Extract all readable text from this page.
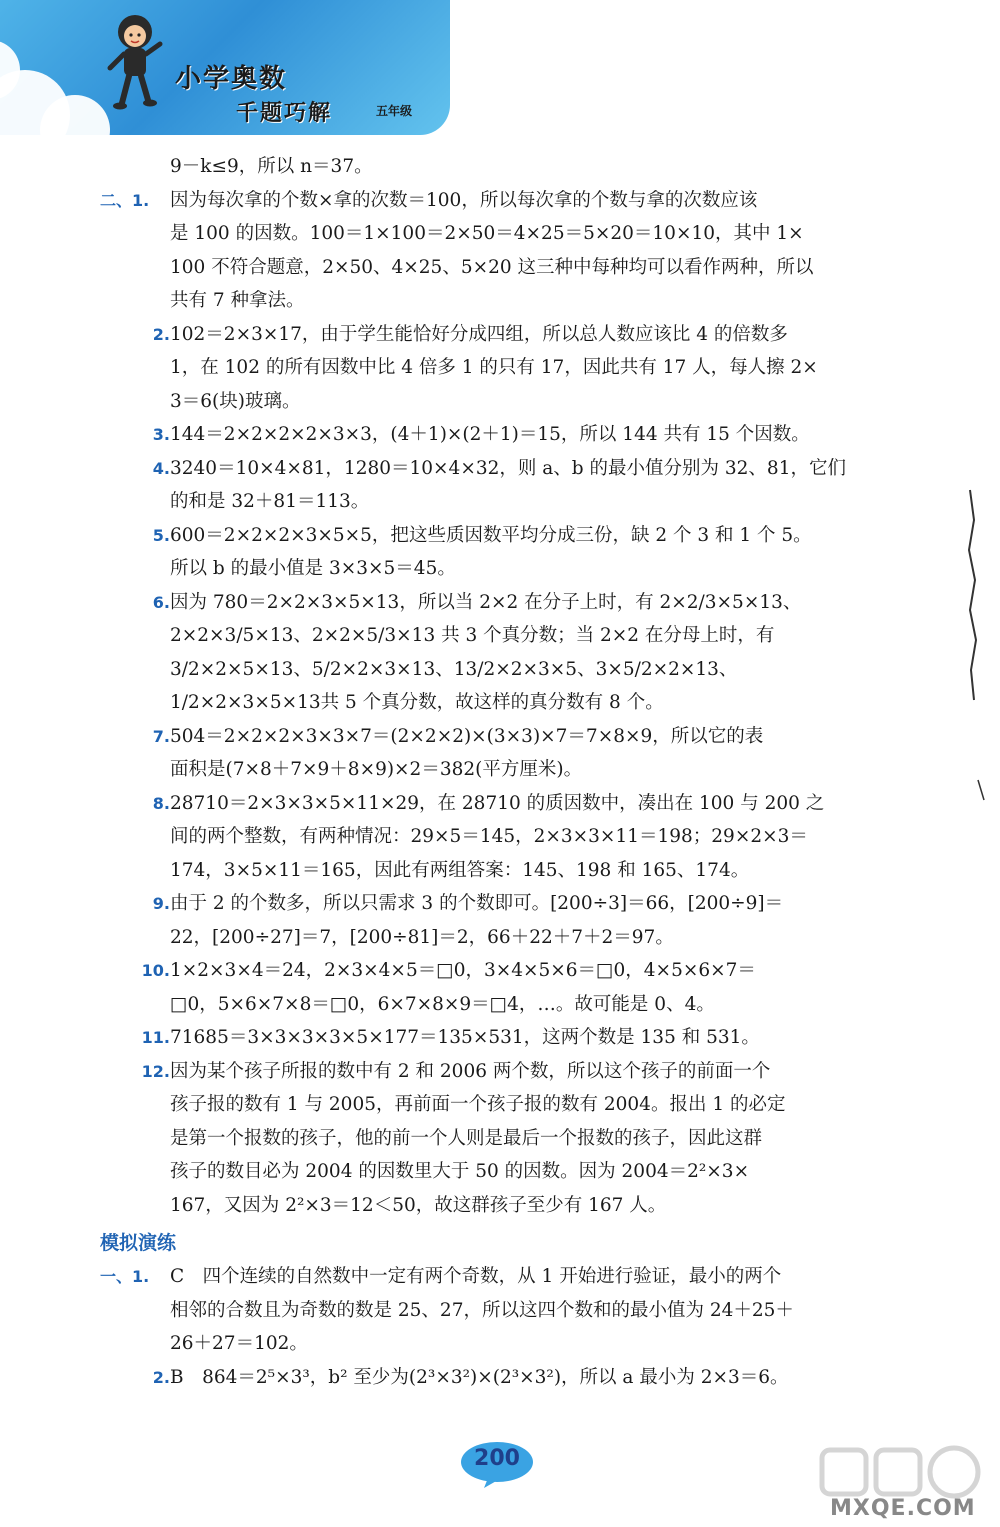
小学奥数
千题巧解	五年级
9－k≤9，所以 n＝37。
二、1.	因为每次拿的个数×拿的次数＝100，所以每次拿的个数与拿的次数应该
是 100 的因数。100＝1×100＝2×50＝4×25＝5×20＝10×10，其中 1×
100 不符合题意，2×50、4×25、5×20 这三种中每种均可以看作两种，所以
共有 7 种拿法。
2. 102＝2×3×17，由于学生能恰好分成四组，所以总人数应该比 4 的倍数多
1，在 102 的所有因数中比 4 倍多 1 的只有 17，因此共有 17 人，每人擦 2×
3＝6(块)玻璃。
3. 144＝2×2×2×2×3×3，(4＋1)×(2＋1)＝15，所以 144 共有 15 个因数。
4. 3240＝10×4×81，1280＝10×4×32，则 a、b 的最小值分别为 32、81，它们
的和是 32＋81＝113。
5. 600＝2×2×2×3×5×5，把这些质因数平均分成三份，缺 2 个 3 和 1 个 5。
所以 b 的最小值是 3×3×5＝45。
6. 因为 780＝2×2×3×5×13，所以当 2×2 在分子上时，有 2×2/3×5×13、
2×2×3/5×13、2×2×5/3×13 共 3 个真分数；当 2×2 在分母上时，有
3/2×2×5×13、5/2×2×3×13、13/2×2×3×5、3×5/2×2×13、
1/2×2×3×5×13共 5 个真分数，故这样的真分数有 8 个。
7. 504＝2×2×2×3×3×7＝(2×2×2)×(3×3)×7＝7×8×9，所以它的表
面积是(7×8＋7×9＋8×9)×2＝382(平方厘米)。
8. 28710＝2×3×3×5×11×29，在 28710 的质因数中，凑出在 100 与 200 之
间的两个整数，有两种情况：29×5＝145，2×3×3×11＝198；29×2×3＝
174，3×5×11＝165，因此有两组答案：145、198 和 165、174。
9. 由于 2 的个数多，所以只需求 3 的个数即可。[200÷3]＝66，[200÷9]＝
22，[200÷27]＝7，[200÷81]＝2，66＋22＋7＋2＝97。
10. 1×2×3×4＝24，2×3×4×5＝□0，3×4×5×6＝□0，4×5×6×7＝
□0，5×6×7×8＝□0，6×7×8×9＝□4，…。故可能是 0、4。
11. 71685＝3×3×3×3×5×177＝135×531，这两个数是 135 和 531。
12. 因为某个孩子所报的数中有 2 和 2006 两个数，所以这个孩子的前面一个
孩子报的数有 1 与 2005，再前面一个孩子报的数有 2004。报出 1 的必定
是第一个报数的孩子，他的前一个人则是最后一个报数的孩子，因此这群
孩子的数目必为 2004 的因数里大于 50 的因数。因为 2004＝2²×3×
167，又因为 2²×3＝12＜50，故这群孩子至少有 167 人。
模拟演练
一、1.	C　四个连续的自然数中一定有两个奇数，从 1 开始进行验证，最小的两个
相邻的合数且为奇数的数是 25、27，所以这四个数和的最小值为 24＋25＋
26＋27＝102。
2. B　864＝2⁵×3³，b² 至少为(2³×3²)×(2³×3²)，所以 a 最小为 2×3＝6。
200
MXQE.COM
